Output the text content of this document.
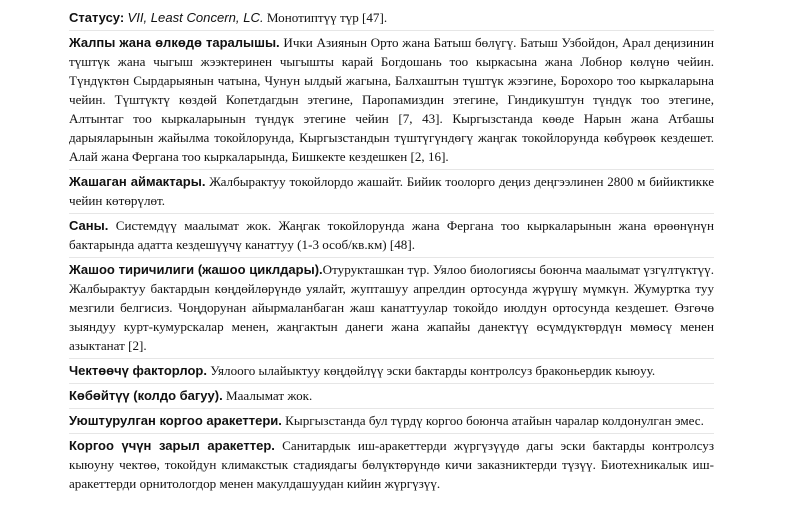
Статусу: VII, Least Concern, LC. Монотиптүү түр [47].

Жалпы жана өлкөдө таралышы. Ички Азиянын Орто жана Батыш бөлүгү. Батыш Узбойдон, Арал деңизинин түштүк жана чыгыш жээктеринен чыгышты карай Богдошань тоо кыркасына жана Лобнор көлүнө чейин. Түндүктөн Сырдарыянын чатына, Чунун ылдый жагына, Балхаштын түштүк жээгине, Борохоро тоо кыркаларына чейин. Түштүктү көздөй Копетдагдын этегине, Паропамиздин этегине, Гиндикуштун түндүк тоо этегине, Алтынтаг тоо кыркаларынын түндүк этегине чейин [7, 43]. Кыргызстанда көөде Нарын жана Атбашы дарыяларынын жайылма токойлорунда, Кыргызстандын түштүгүндөгү жаңгак токойлорунда көбүрөөк кездешет. Алай жана Фергана тоо кыркаларында, Бишкекте кездешкен [2, 16].

Жашаган аймактары. Жалбырактуу токойлордо жашайт. Бийик тоолорго деңиз деңгээлинен 2800 м бийиктикке чейин көтөрүлөт.

Саны. Системдүү маалымат жок. Жаңгак токойлорунда жана Фергана тоо кыркаларынын жана өрөөнүнүн бактарында адатта кездешүүчү канаттуу (1-3 особ/кв.км) [48].

Жашоо тиричилиги (жашоо циклдары).Отурукташкан түр. Уялоо биологиясы боюнча маалымат үзгүлтүктүү. Жалбырактуу бактардын көңдөйлөрүндө уялайт, жупташуу апрелдин ортосунда жүрүшү мүмкүн. Жумуртка туу мезгили белгисиз. Чоңдорунан айырмаланбаган жаш канаттуулар токойдо июлдун ортосунда кездешет. Өзгөчө зыяндуу курт-кумурскалар менен, жаңгактын данеги жана жапайы данектүү өсүмдүктөрдүн мөмөсү менен азыктанат [2].

Чектөөчү факторлор. Уялоого ылайыктуу көңдөйлүү эски бактарды контролсуз браконьердик кыюуу.

Көбөйтүү (колдо багуу). Маалымат жок.

Уюштурулган коргоо аракеттери. Кыргызстанда бул түрдү коргоо боюнча атайын чаралар колдонулган эмес.

Коргоо үчүн зарыл аракеттер. Санитардык иш-аракеттерди жүргүзүүдө дагы эски бактарды контролсуз кыюуну чектөө, токойдун климакстык стадиядагы бөлүктөрүндө кичи заказниктерди түзүү. Биотехникалык иш-аракеттерди орнитологдор менен макулдашуудан кийин жүргүзүү.
